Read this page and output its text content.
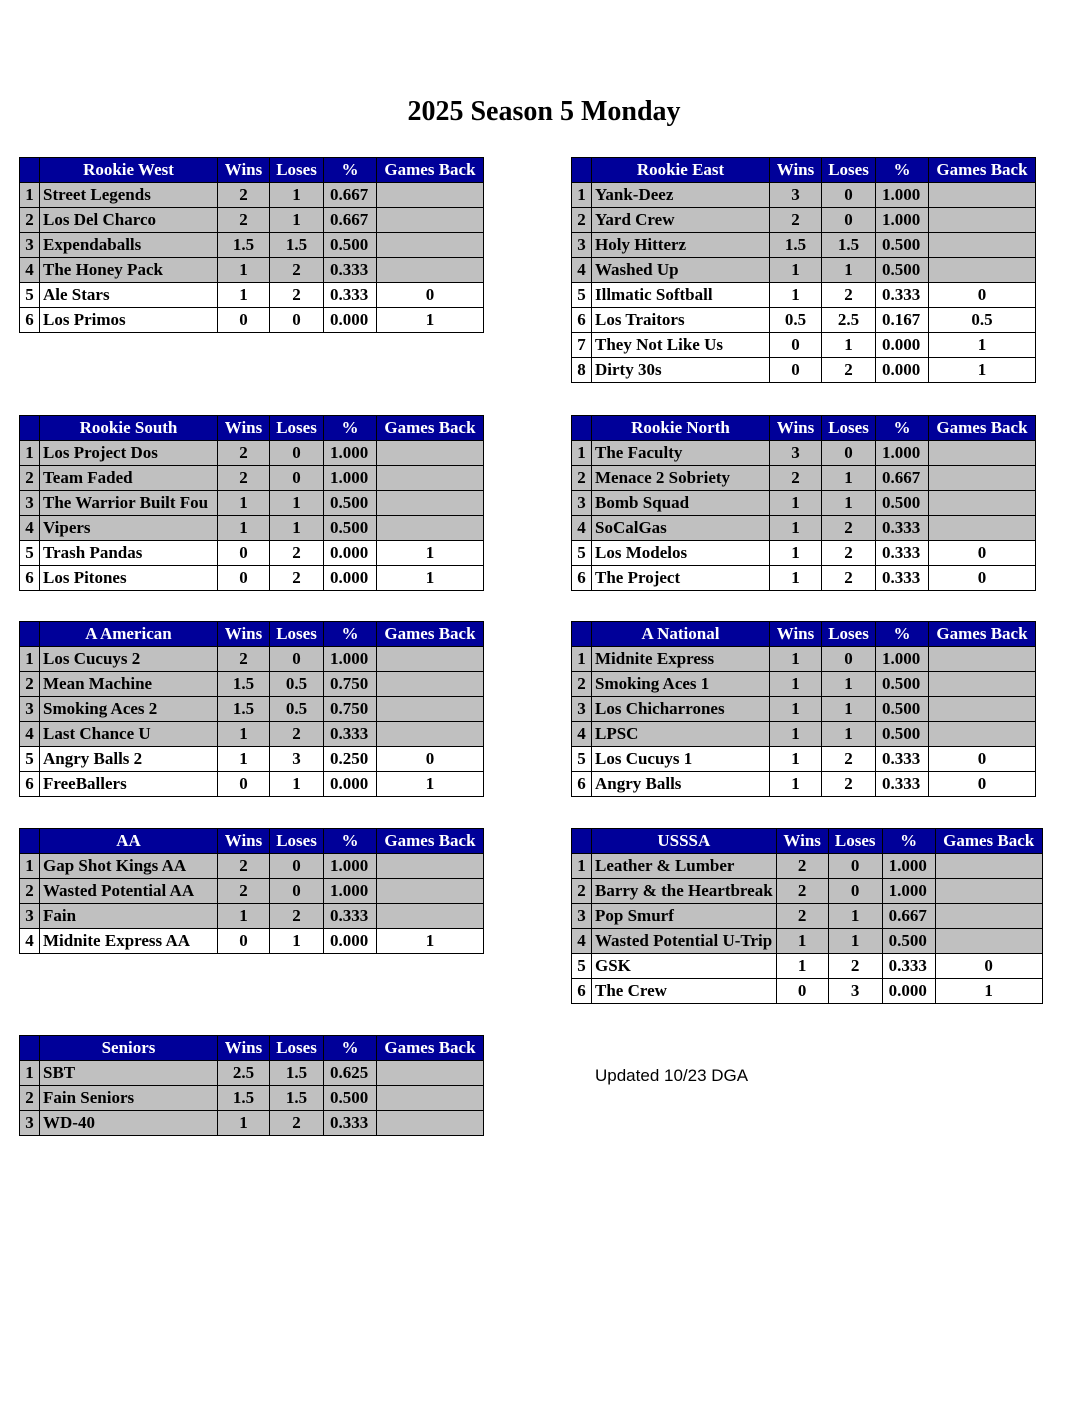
2025 Season 5 Monday
	Rookie West	Wins	Loses	%	Games Back
1	Street Legends	2	1	0.667	
2	Los Del Charco	2	1	0.667	
3	Expendaballs	1.5	1.5	0.500	
4	The Honey Pack	1	2	0.333	
5	Ale Stars	1	2	0.333	0
6	Los Primos	0	0	0.000	1
	Rookie East	Wins	Loses	%	Games Back
1	Yank-Deez	3	0	1.000	
2	Yard Crew	2	0	1.000	
3	Holy Hitterz	1.5	1.5	0.500	
4	Washed Up	1	1	0.500	
5	Illmatic Softball	1	2	0.333	0
6	Los Traitors	0.5	2.5	0.167	0.5
7	They Not Like Us	0	1	0.000	1
8	Dirty 30s	0	2	0.000	1
	Rookie South	Wins	Loses	%	Games Back
1	Los Project Dos	2	0	1.000	
2	Team Faded	2	0	1.000	
3	The Warrior Built Fou	1	1	0.500	
4	Vipers	1	1	0.500	
5	Trash Pandas	0	2	0.000	1
6	Los Pitones	0	2	0.000	1
	Rookie North	Wins	Loses	%	Games Back
1	The Faculty	3	0	1.000	
2	Menace 2 Sobriety	2	1	0.667	
3	Bomb Squad	1	1	0.500	
4	SoCalGas	1	2	0.333	
5	Los Modelos	1	2	0.333	0
6	The Project	1	2	0.333	0
	A American	Wins	Loses	%	Games Back
1	Los Cucuys 2	2	0	1.000	
2	Mean Machine	1.5	0.5	0.750	
3	Smoking Aces 2	1.5	0.5	0.750	
4	Last Chance U	1	2	0.333	
5	Angry Balls 2	1	3	0.250	0
6	FreeBallers	0	1	0.000	1
	A National	Wins	Loses	%	Games Back
1	Midnite Express	1	0	1.000	
2	Smoking Aces 1	1	1	0.500	
3	Los Chicharrones	1	1	0.500	
4	LPSC	1	1	0.500	
5	Los Cucuys 1	1	2	0.333	0
6	Angry Balls	1	2	0.333	0
	AA	Wins	Loses	%	Games Back
1	Gap Shot Kings AA	2	0	1.000	
2	Wasted Potential AA	2	0	1.000	
3	Fain	1	2	0.333	
4	Midnite Express AA	0	1	0.000	1
	USSSA	Wins	Loses	%	Games Back
1	Leather & Lumber	2	0	1.000	
2	Barry & the Heartbreak	2	0	1.000	
3	Pop Smurf	2	1	0.667	
4	Wasted Potential U-Trip	1	1	0.500	
5	GSK	1	2	0.333	0
6	The Crew	0	3	0.000	1
	Seniors	Wins	Loses	%	Games Back
1	SBT	2.5	1.5	0.625	
2	Fain Seniors	1.5	1.5	0.500	
3	WD-40	1	2	0.333	
Updated 10/23 DGA
